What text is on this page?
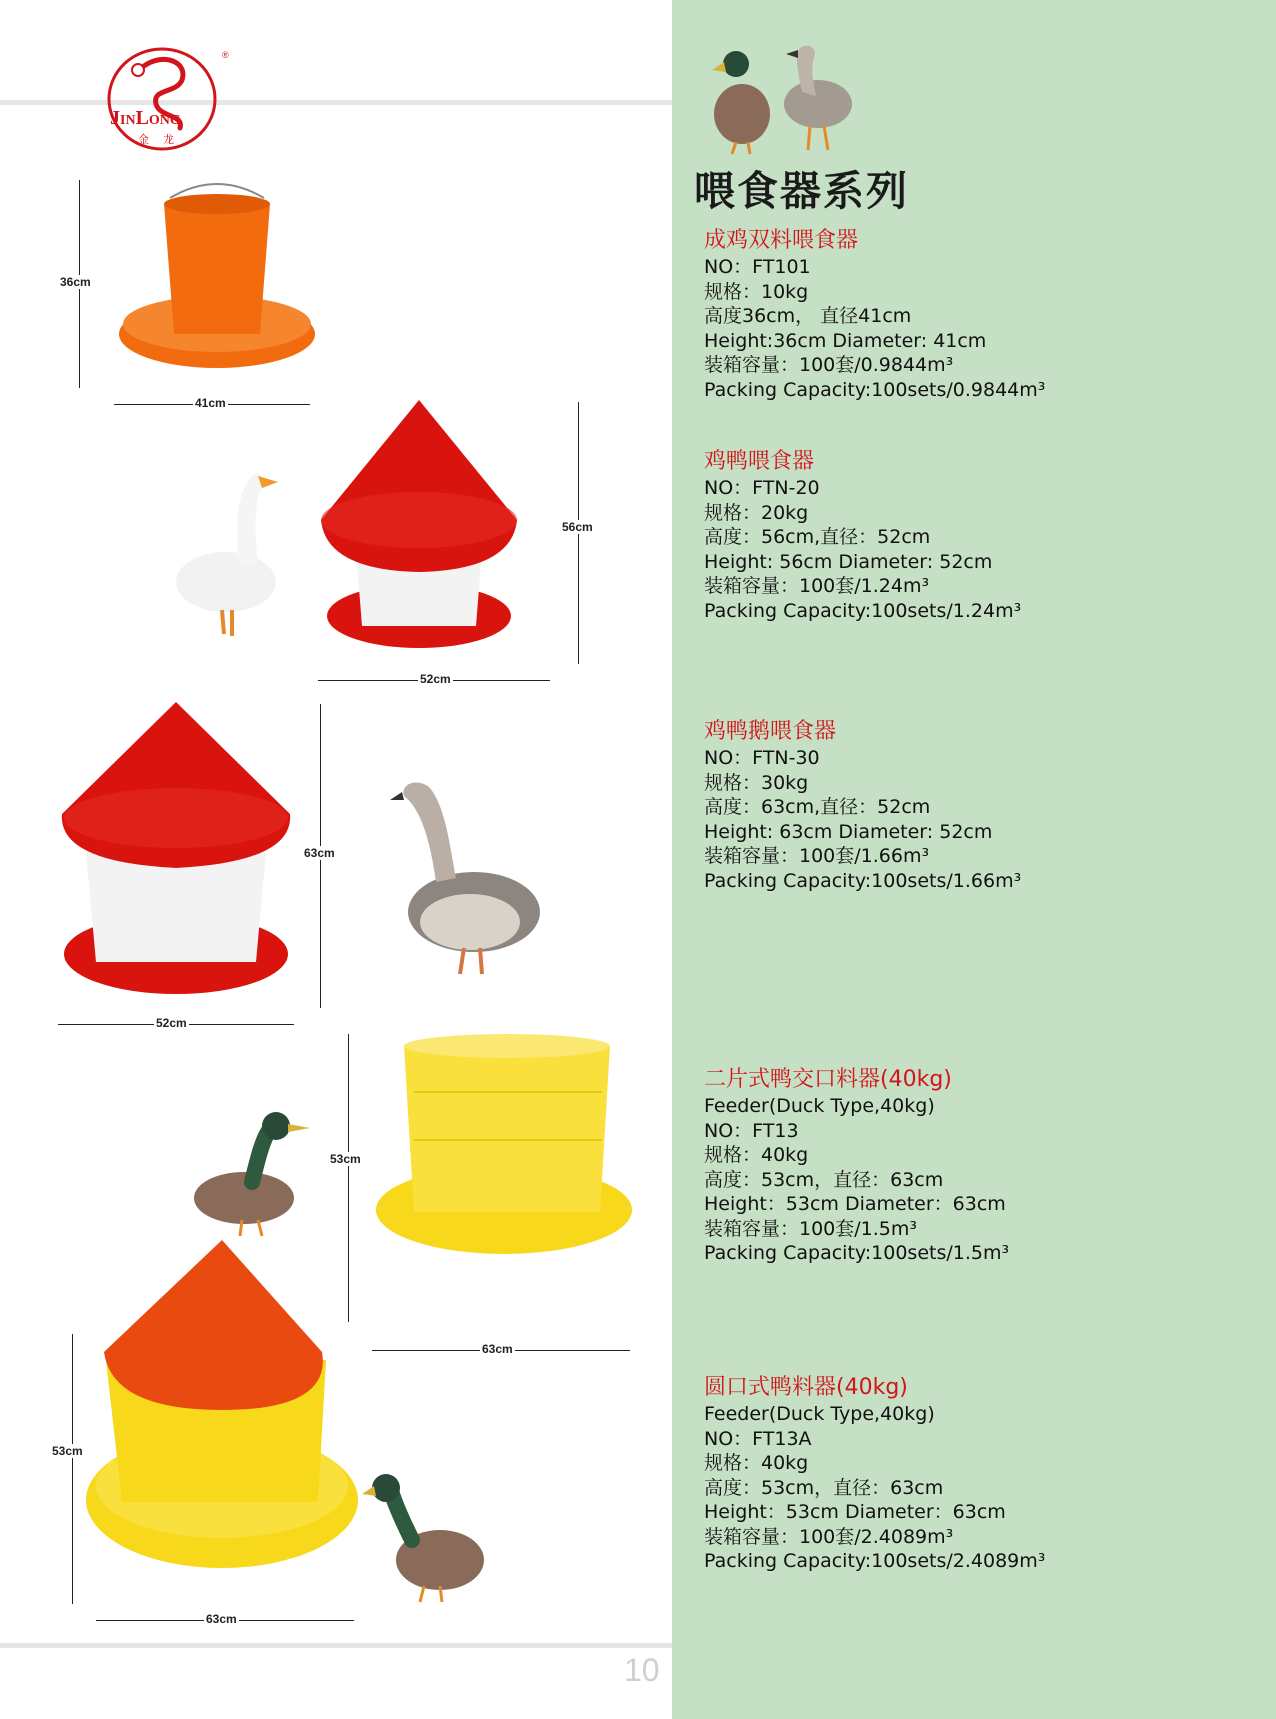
®
JINLONG
金龙
36cm
41cm
56cm
52cm
63cm
52cm
53cm
63cm
53cm
63cm
喂食器系列
成鸡双料喂食器
NO：FT101
规格：10kg
高度36cm， 直径41cm
Height:36cm Diameter: 41cm
装箱容量：100套/0.9844m³
Packing Capacity:100sets/0.9844m³
鸡鸭喂食器
NO：FTN-20
规格：20kg
高度：56cm,直径：52cm
Height: 56cm Diameter: 52cm
装箱容量：100套/1.24m³
Packing Capacity:100sets/1.24m³
鸡鸭鹅喂食器
NO：FTN-30
规格：30kg
高度：63cm,直径：52cm
Height: 63cm Diameter: 52cm
装箱容量：100套/1.66m³
Packing Capacity:100sets/1.66m³
二片式鸭交口料器(40kg)
Feeder(Duck Type,40kg)
NO：FT13
规格：40kg
高度：53cm，直径：63cm
Height：53cm Diameter：63cm
装箱容量：100套/1.5m³
Packing Capacity:100sets/1.5m³
圆口式鸭料器(40kg)
Feeder(Duck Type,40kg)
NO：FT13A
规格：40kg
高度：53cm，直径：63cm
Height：53cm Diameter：63cm
装箱容量：100套/2.4089m³
Packing Capacity:100sets/2.4089m³
10
